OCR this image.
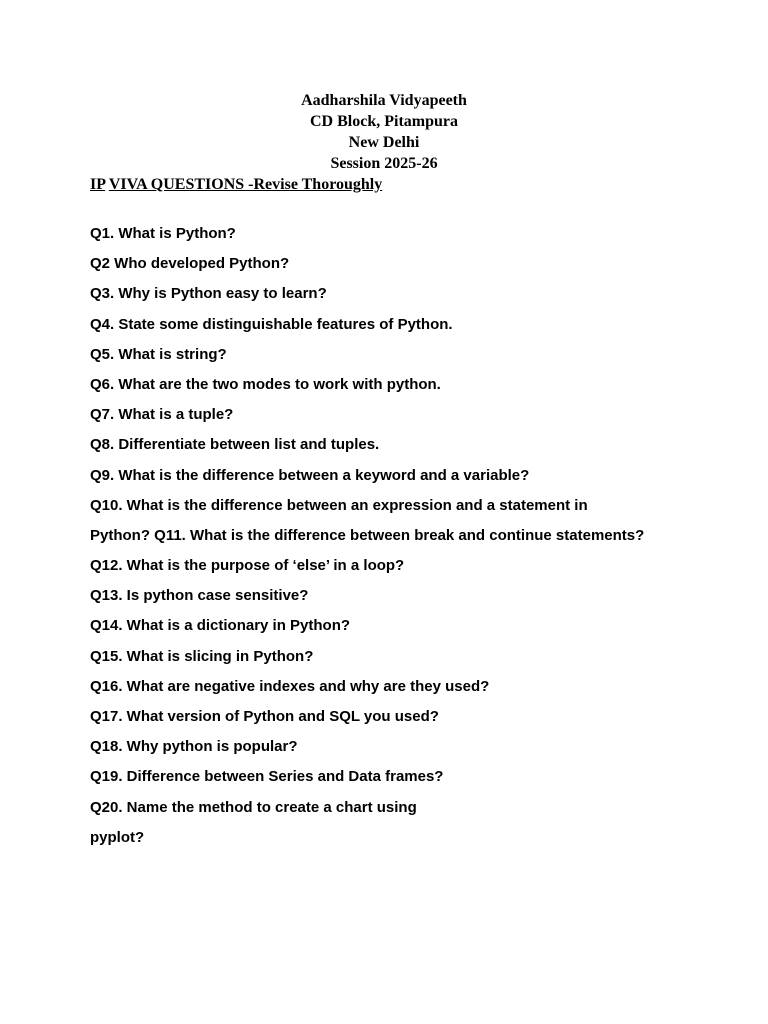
Aadharshila Vidyapeeth
CD Block, Pitampura
New Delhi
Session 2025-26
IP VIVA QUESTIONS -Revise Thoroughly
Q1. What is Python?
Q2 Who developed Python?
Q3. Why is Python easy to learn?
Q4. State some distinguishable features of Python.
Q5. What is string?
Q6. What are the two modes to work with python.
Q7. What is a tuple?
Q8. Differentiate between list and tuples.
Q9. What is the difference between a keyword and a variable?
Q10. What is the difference between an expression and a statement in
Python? Q11. What is the difference between break and continue statements?
Q12. What is the purpose of ‘else’ in a loop?
Q13. Is python case sensitive?
Q14. What is a dictionary in Python?
Q15. What is slicing in Python?
Q16. What are negative indexes and why are they used?
Q17. What version of Python and SQL you used?
Q18. Why python is popular?
Q19. Difference between Series and Data frames?
Q20. Name the method to create a chart using
pyplot?
